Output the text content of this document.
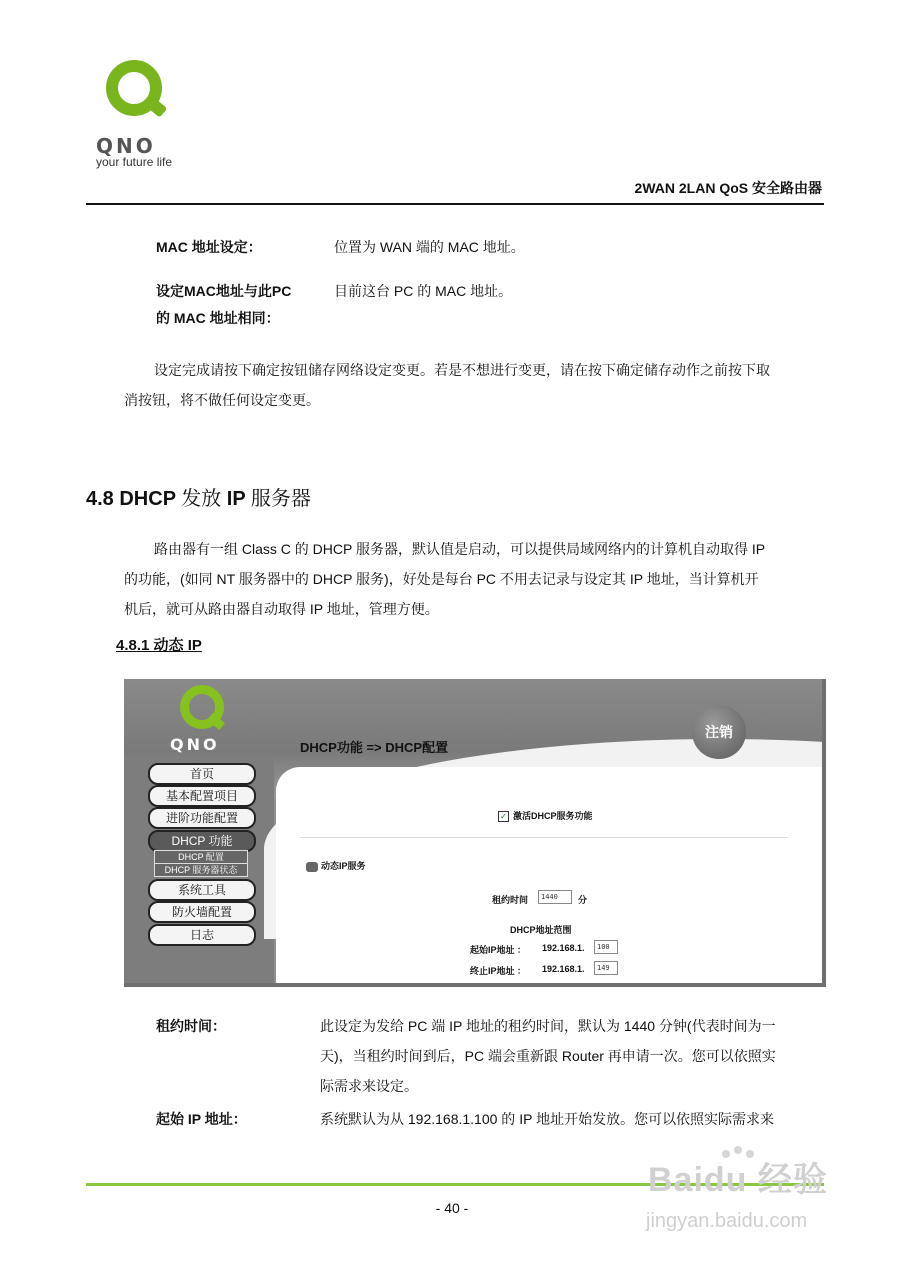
QNO
your future life
2WAN 2LAN QoS 安全路由器
MAC 地址设定：	位置为 WAN 端的 MAC 地址。
设定MAC地址与此PC
的 MAC 地址相同：
目前这台 PC 的 MAC 地址。

设定完成请按下确定按钮储存网络设定变更。若是不想进行变更，请在按下确定储存动作之前按下取

消按钮，将不做任何设定变更。

4.8 DHCP 发放 IP 服务器

路由器有一组 Class C 的 DHCP 服务器，默认值是启动，可以提供局域网络内的计算机自动取得 IP

的功能，(如同 NT 服务器中的 DHCP 服务)，好处是每台 PC 不用去记录与设定其 IP 地址，当计算机开

机后，就可从路由器自动取得 IP 地址，管理方便。

4.8.1 动态 IP
QNO	DHCP功能 => DHCP配置
注销
首页
基本配置项目
进阶功能配置
DHCP 功能
DHCP 配置
DHCP 服务器状态
系统工具
防火墙配置
日志
✓ 激活DHCP服务功能
动态IP服务
租约时间	1440	分
DHCP地址范围
起始IP地址 ： 192.168.1.	100
终止IP地址 ： 192.168.1.	149
租约时间：	此设定为发给 PC 端 IP 地址的租约时间，默认为 1440 分钟(代表时间为一
天)，当租约时间到后，PC 端会重新跟 Router 再申请一次。您可以依照实
际需求来设定。
起始 IP 地址：	系统默认为从 192.168.1.100 的 IP 地址开始发放。您可以依照实际需求来
- 40 -
Baidu 经验
jingyan.baidu.com
